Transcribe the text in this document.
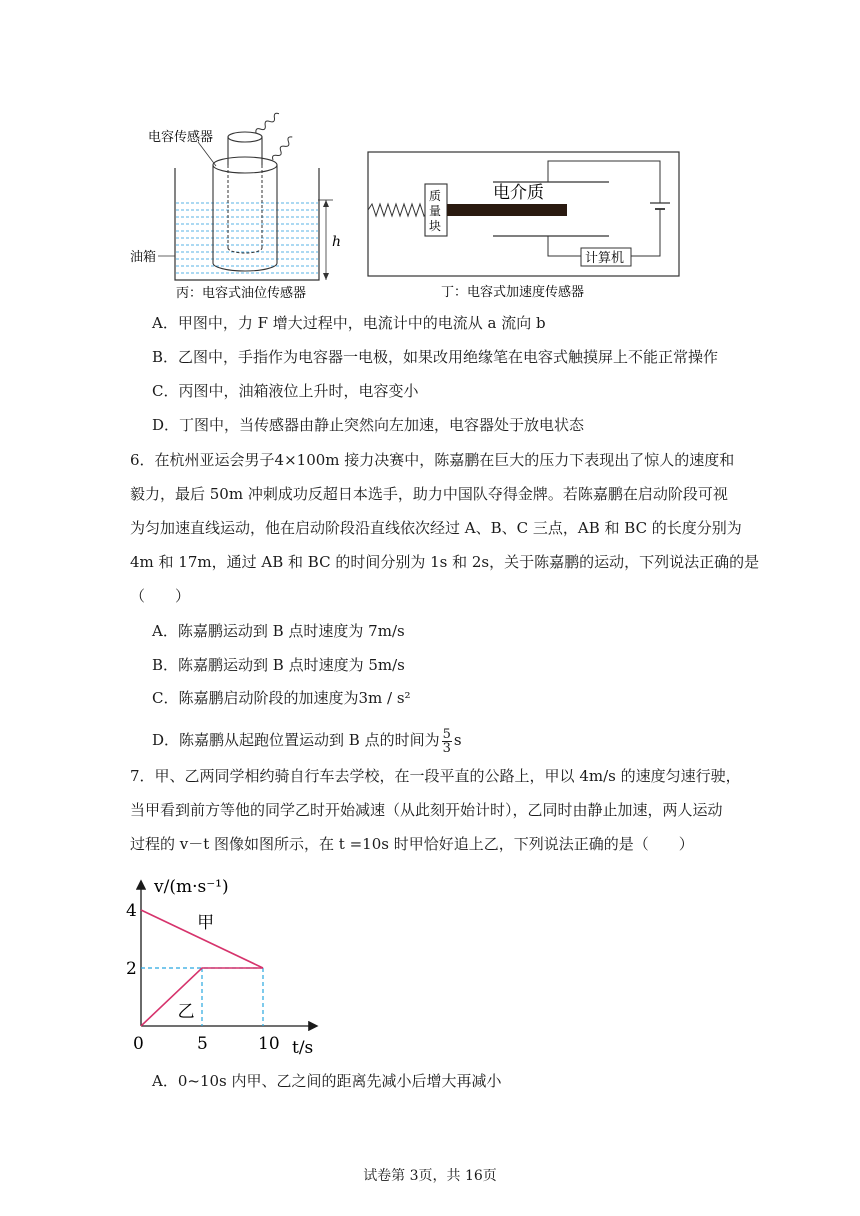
电容传感器
油箱
h
丙：电容式油位传感器
质
量
块
电介质
计算机
丁：电容式加速度传感器
A．甲图中，力 F 增大过程中，电流计中的电流从 a 流向 b
B．乙图中，手指作为电容器一电极，如果改用绝缘笔在电容式触摸屏上不能正常操作
C．丙图中，油箱液位上升时，电容变小
D．丁图中，当传感器由静止突然向左加速，电容器处于放电状态
6．在杭州亚运会男子4×100m 接力决赛中，陈嘉鹏在巨大的压力下表现出了惊人的速度和
毅力，最后 50m 冲刺成功反超日本选手，助力中国队夺得金牌。若陈嘉鹏在启动阶段可视
为匀加速直线运动，他在启动阶段沿直线依次经过 A、B、C 三点，AB 和 BC 的长度分别为
4m 和 17m，通过 AB 和 BC 的时间分别为 1s 和 2s，关于陈嘉鹏的运动，下列说法正确的是
（　　）
A．陈嘉鹏运动到 B 点时速度为 7m/s
B．陈嘉鹏运动到 B 点时速度为 5m/s
C．陈嘉鹏启动阶段的加速度为3m / s²
D．陈嘉鹏从起跑位置运动到 B 点的时间为 $\frac{5}{3}$ s
7．甲、乙两同学相约骑自行车去学校，在一段平直的公路上，甲以 4m/s 的速度匀速行驶，
当甲看到前方等他的同学乙时开始减速（从此刻开始计时），乙同时由静止加速，两人运动
过程的 v－t 图像如图所示，在 t =10s 时甲恰好追上乙，下列说法正确的是（　　）
0	5	10
2
4
v/(m·s⁻¹)
t/s
甲
乙
A．0~10s 内甲、乙之间的距离先减小后增大再减小
试卷第 3页，共 16页
